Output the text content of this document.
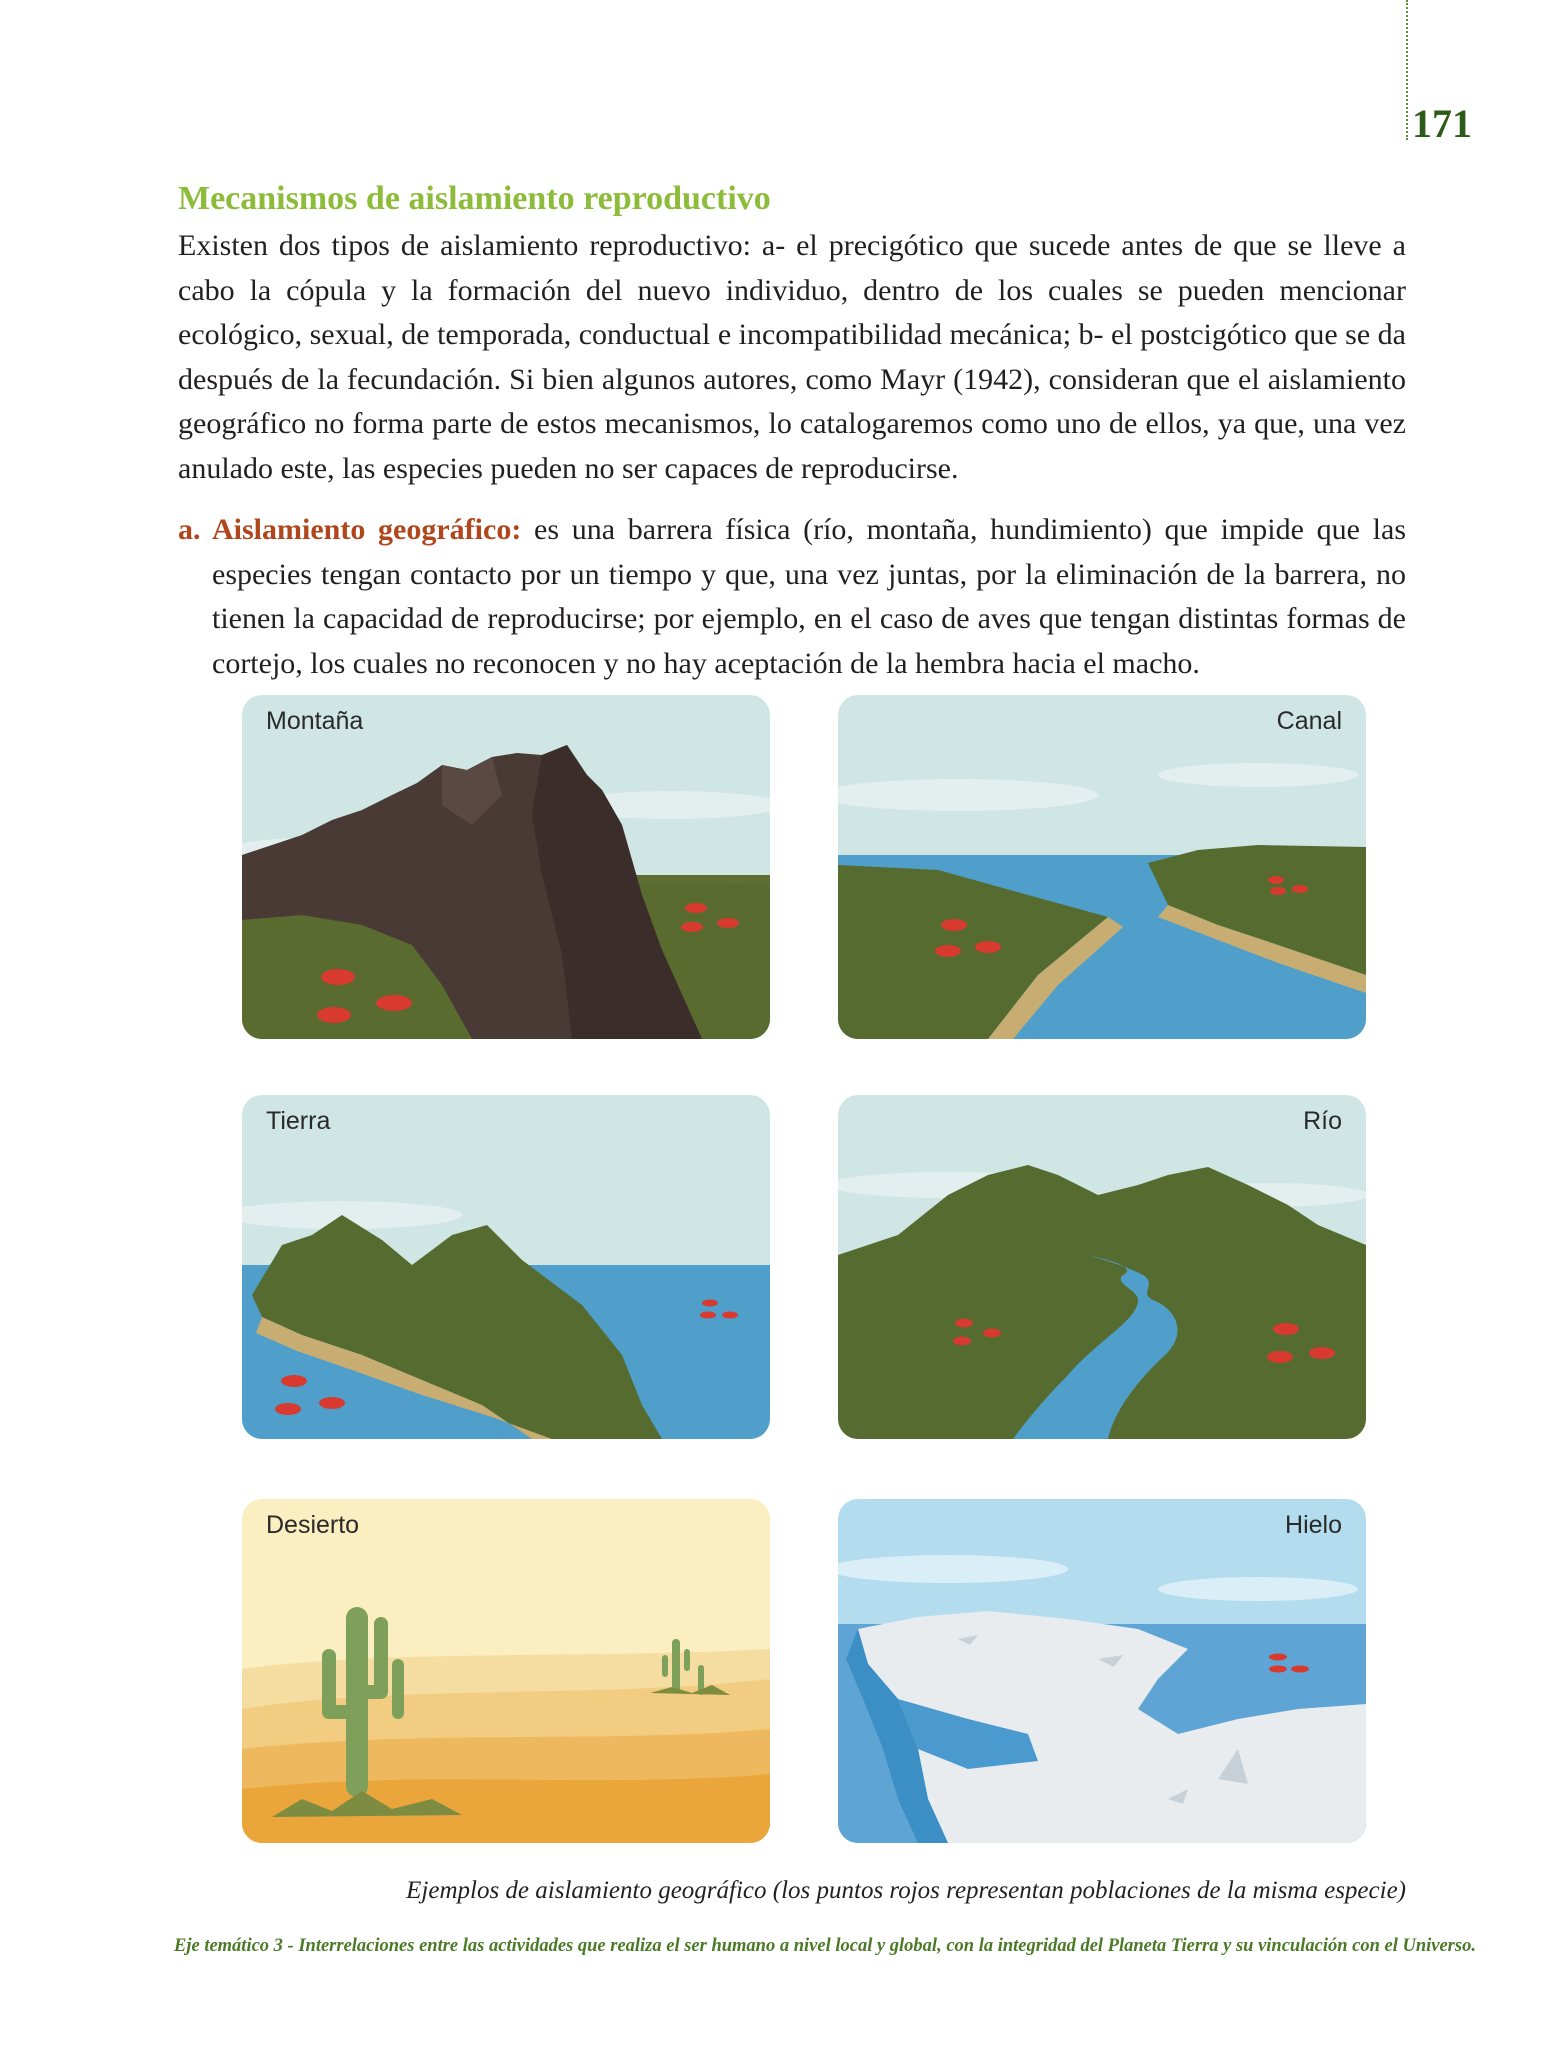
171
Mecanismos de aislamiento reproductivo

Existen dos tipos de aislamiento reproductivo: a- el precigótico que sucede antes de que se lleve a cabo la cópula y la formación del nuevo individuo, dentro de los cuales se pueden mencionar ecológico, sexual, de temporada, conductual e incompatibilidad mecánica; b- el postcigótico que se da después de la fecundación. Si bien algunos autores, como Mayr (1942), consideran que el aislamiento geográfico no forma parte de estos mecanismos, lo catalogaremos como uno de ellos, ya que, una vez anulado este, las especies pueden no ser capaces de reproducirse.

a. Aislamiento geográfico: es una barrera física (río, montaña, hundimiento) que impide que las especies tengan contacto por un tiempo y que, una vez juntas, por la eliminación de la barrera, no tienen la capacidad de reproducirse; por ejemplo, en el caso de aves que tengan distintas formas de cortejo, los cuales no reconocen y no hay aceptación de la hembra hacia el macho.

Montaña	Canal
Tierra	Río
Desierto	Hielo
Ejemplos de aislamiento geográfico (los puntos rojos representan poblaciones de la misma especie)
Eje temático 3 - Interrelaciones entre las actividades que realiza el ser humano a nivel local y global, con la integridad del Planeta Tierra y su vinculación con el Universo.
